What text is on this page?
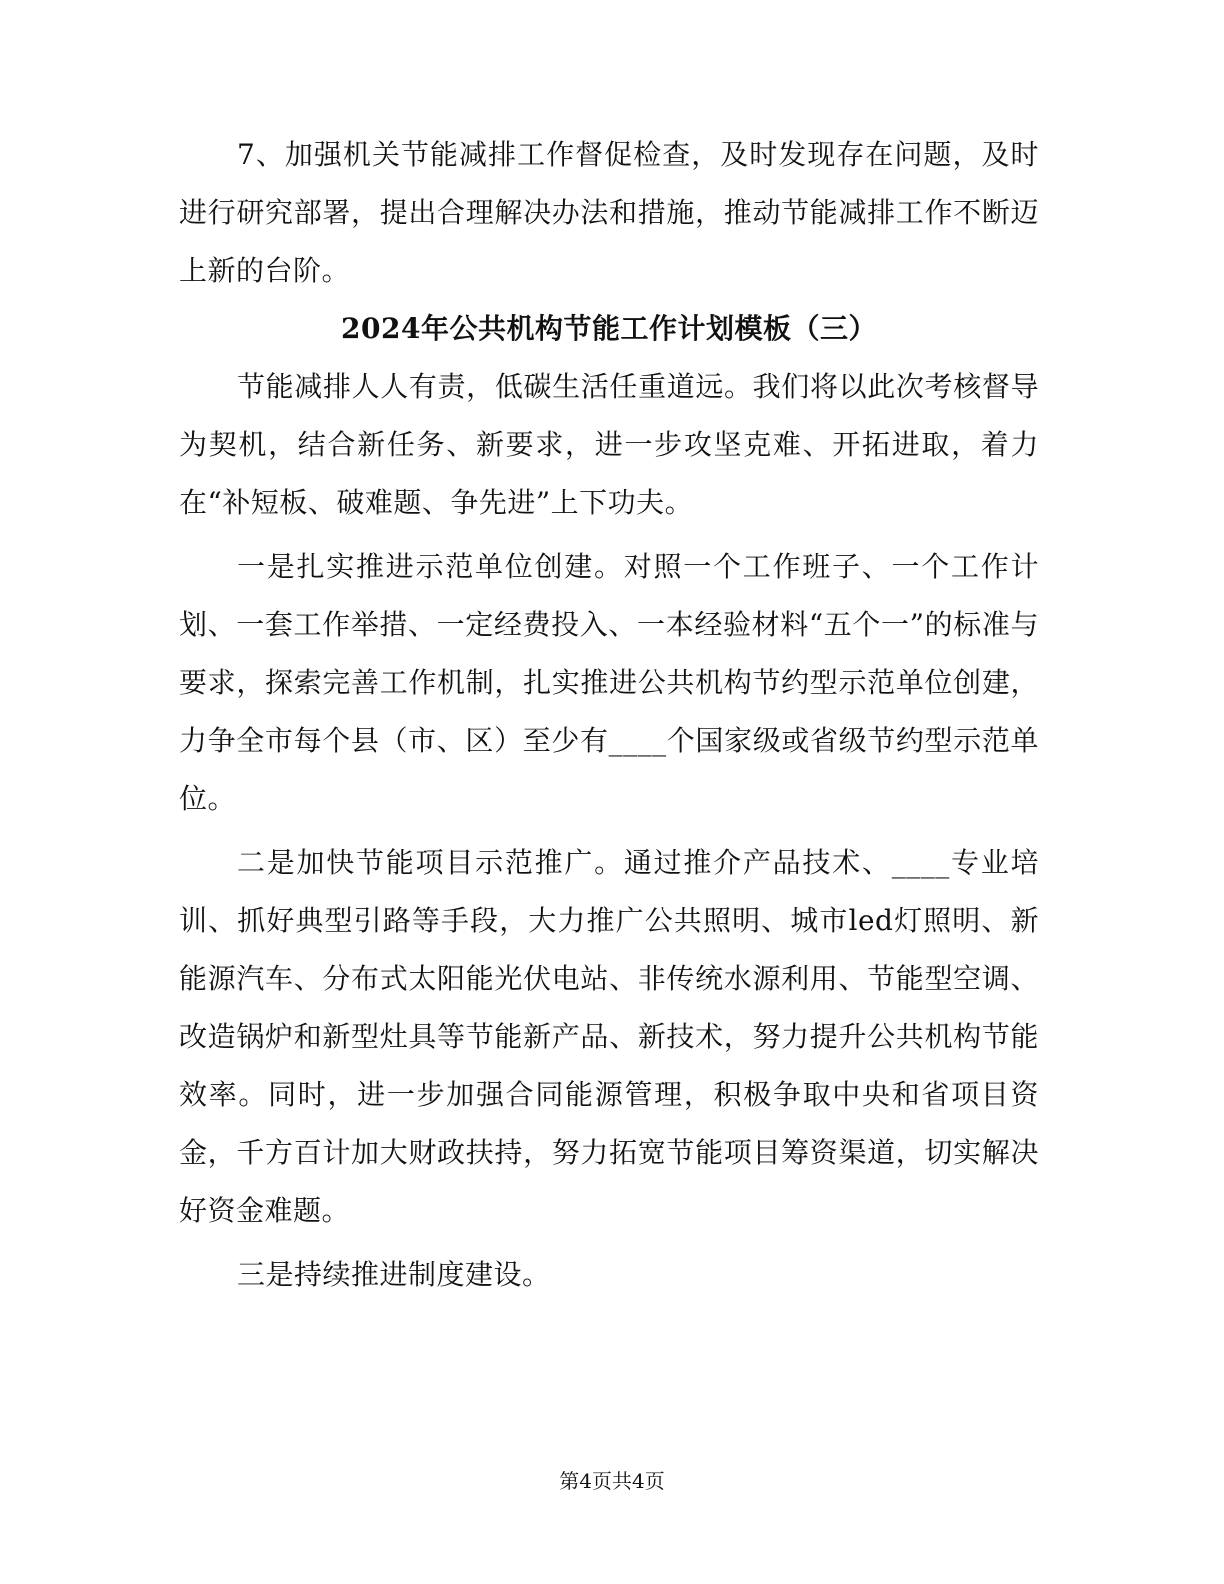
7、加强机关节能减排工作督促检查，及时发现存在问题，及时进行研究部署，提出合理解决办法和措施，推动节能减排工作不断迈上新的台阶。

2024年公共机构节能工作计划模板（三）

节能减排人人有责，低碳生活任重道远。我们将以此次考核督导为契机，结合新任务、新要求，进一步攻坚克难、开拓进取，着力在“补短板、破难题、争先进”上下功夫。

一是扎实推进示范单位创建。对照一个工作班子、一个工作计划、一套工作举措、一定经费投入、一本经验材料“五个一”的标准与要求，探索完善工作机制，扎实推进公共机构节约型示范单位创建，力争全市每个县（市、区）至少有____个国家级或省级节约型示范单位。

二是加快节能项目示范推广。通过推介产品技术、____专业培训、抓好典型引路等手段，大力推广公共照明、城市led灯照明、新能源汽车、分布式太阳能光伏电站、非传统水源利用、节能型空调、改造锅炉和新型灶具等节能新产品、新技术，努力提升公共机构节能效率。同时，进一步加强合同能源管理，积极争取中央和省项目资金，千方百计加大财政扶持，努力拓宽节能项目筹资渠道，切实解决好资金难题。

三是持续推进制度建设。

第4页共4页
